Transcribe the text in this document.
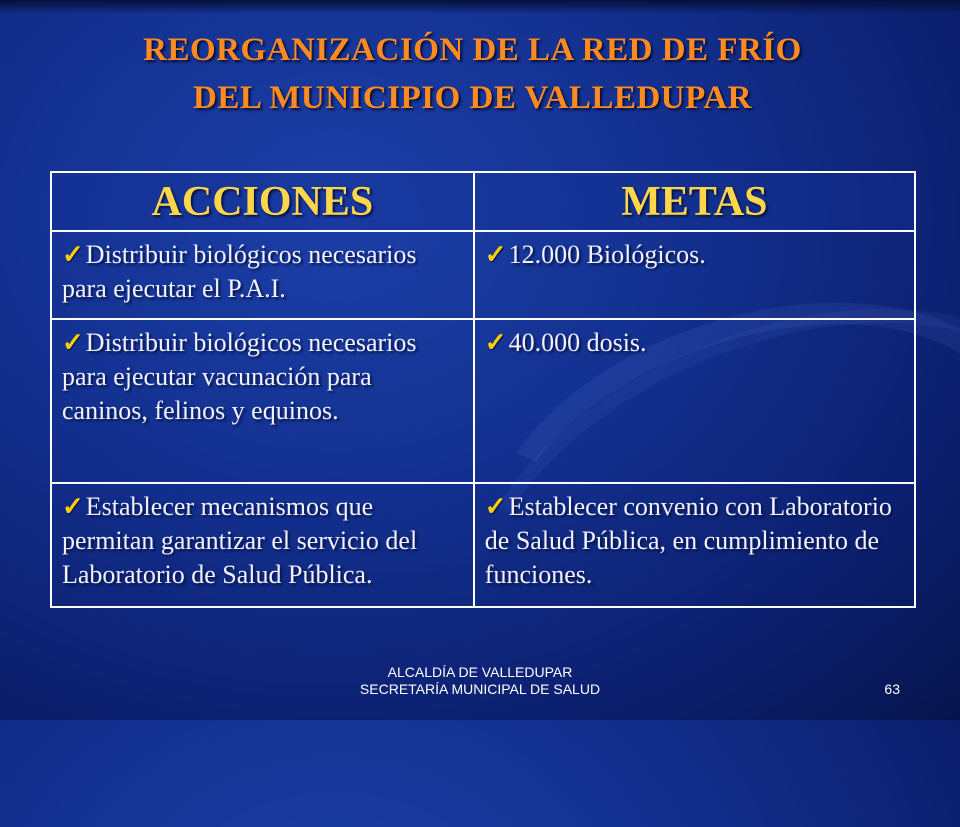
REORGANIZACIÓN DE LA RED DE FRÍO
DEL MUNICIPIO DE VALLEDUPAR
ACCIONES	METAS
✓Distribuir biológicos necesarios para ejecutar el P.A.I.	✓12.000 Biológicos.
✓Distribuir biológicos necesarios para ejecutar vacunación para caninos, felinos y equinos.	✓40.000 dosis.
✓Establecer mecanismos que permitan garantizar el servicio del Laboratorio de Salud Pública.	✓Establecer convenio con Laboratorio de Salud Pública, en cumplimiento de funciones.
ALCALDÍA DE VALLEDUPAR
SECRETARÍA MUNICIPAL DE SALUD	63
